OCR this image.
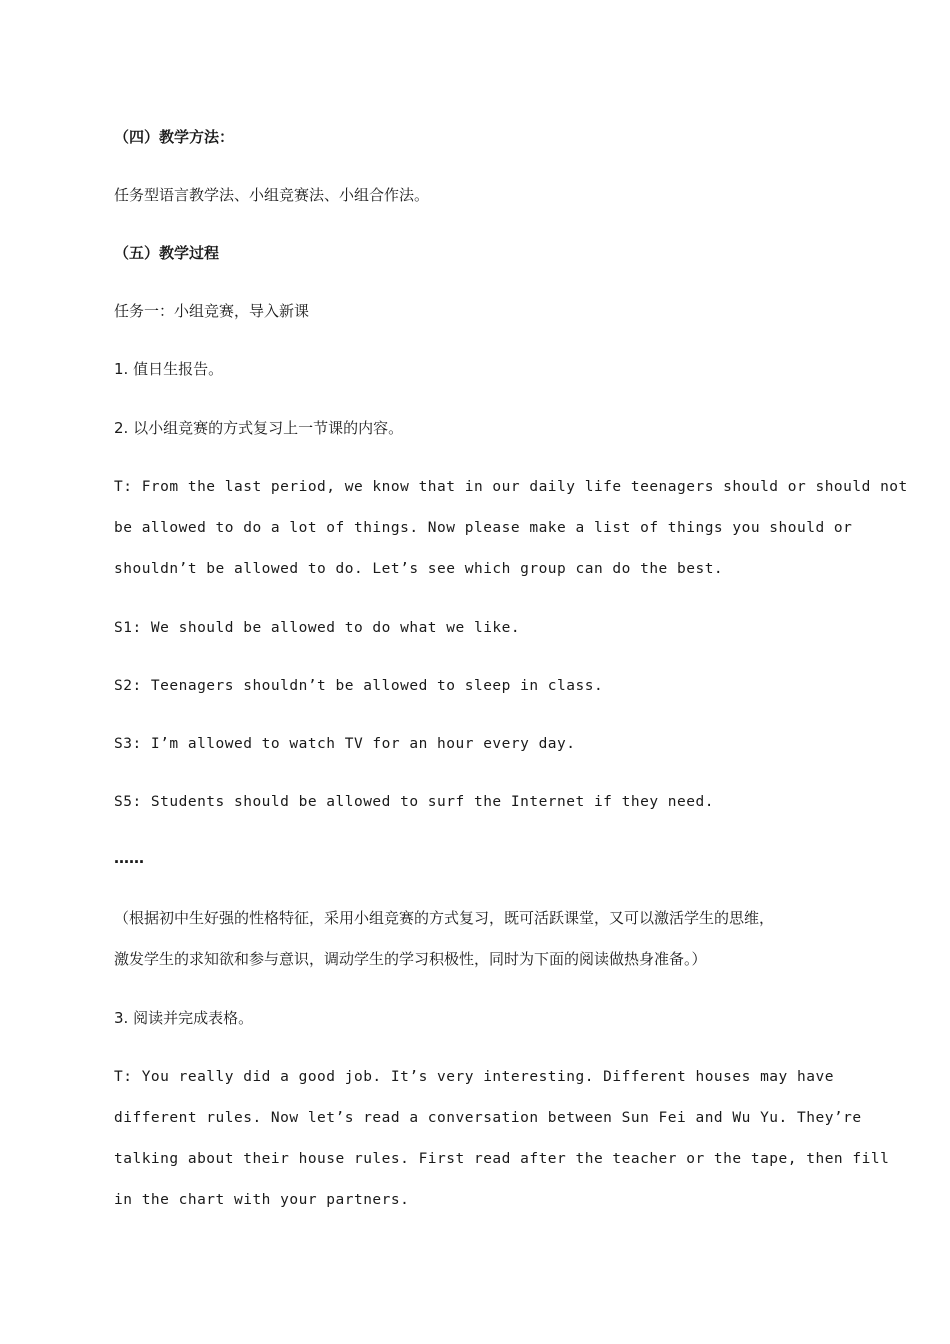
（四）教学方法：
任务型语言教学法、小组竞赛法、小组合作法。
（五）教学过程
任务一：小组竞赛，导入新课
1. 值日生报告。
2. 以小组竞赛的方式复习上一节课的内容。
T: From the last period, we know that in our daily life teenagers should or should not
be allowed to do a lot of things. Now please make a list of things you should or
shouldn’t be allowed to do. Let’s see which group can do the best.
S1: We should be allowed to do what we like.
S2: Teenagers shouldn’t be allowed to sleep in class.
S3: I’m allowed to watch TV for an hour every day.
S5: Students should be allowed to surf the Internet if they need.
……
（根据初中生好强的性格特征，采用小组竞赛的方式复习，既可活跃课堂，又可以激活学生的思维，
激发学生的求知欲和参与意识，调动学生的学习积极性，同时为下面的阅读做热身准备。）
3. 阅读并完成表格。
T: You really did a good job. It’s very interesting. Different houses may have
different rules. Now let’s read a conversation between Sun Fei and Wu Yu. They’re
talking about their house rules. First read after the teacher or the tape, then fill
in the chart with your partners.
